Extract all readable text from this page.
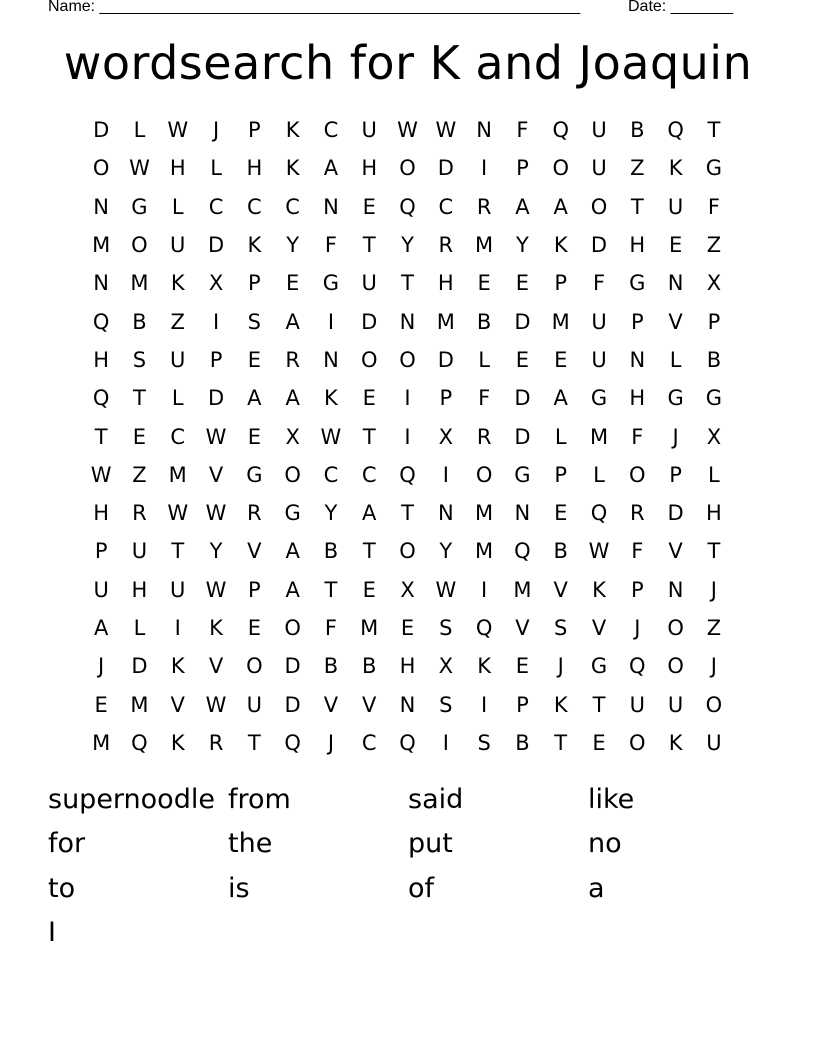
Name: ______________________________________________________	Date: _______
wordsearch for K and Joaquin
D	L	W	J	P	K	C	U W W N	F	Q	U	B	Q	T
O W H	L	H	K	A	H	O	D	I	P	O	U	Z	K	G
N	G	L	C	C	C	N	E	Q	C	R	A	A	O	T	U	F
M O	U	D	K	Y	F	T	Y	R	M	Y	K	D	H	E	Z
N	M	K	X	P	E	G	U	T	H	E	E	P	F	G	N	X
Q	B	Z	I	S	A	I	D	N	M	B	D	M	U	P	V	P
H	S	U	P	E	R	N	O	O	D	L	E	E	U	N	L	B
Q	T	L	D	A	A	K	E	I	P	F	D	A	G	H	G	G
T	E	C W	E	X W	T	I	X	R	D	L	M	F	J	X
W Z	M	V	G	O	C	C	Q	I	O	G	P	L	O	P	L
H	R W W R	G	Y	A	T	N	M	N	E	Q	R	D	H
P	U	T	Y	V	A	B	T	O	Y	M Q	B W	F	V	T
U	H	U W	P	A	T	E	X W	I	M	V	K	P	N	J
A	L	I	K	E	O	F	M	E	S	Q	V	S	V	J	O	Z
J	D	K	V	O	D	B	B	H	X	K	E	J	G	Q	O	J
E	M	V W U	D	V	V	N	S	I	P	K	T	U	U	O
M Q	K	R	T	Q	J	C	Q	I	S	B	T	E	O	K	U
supernoodle from	said	like
for	the	put	no
to	is	of	a
I
